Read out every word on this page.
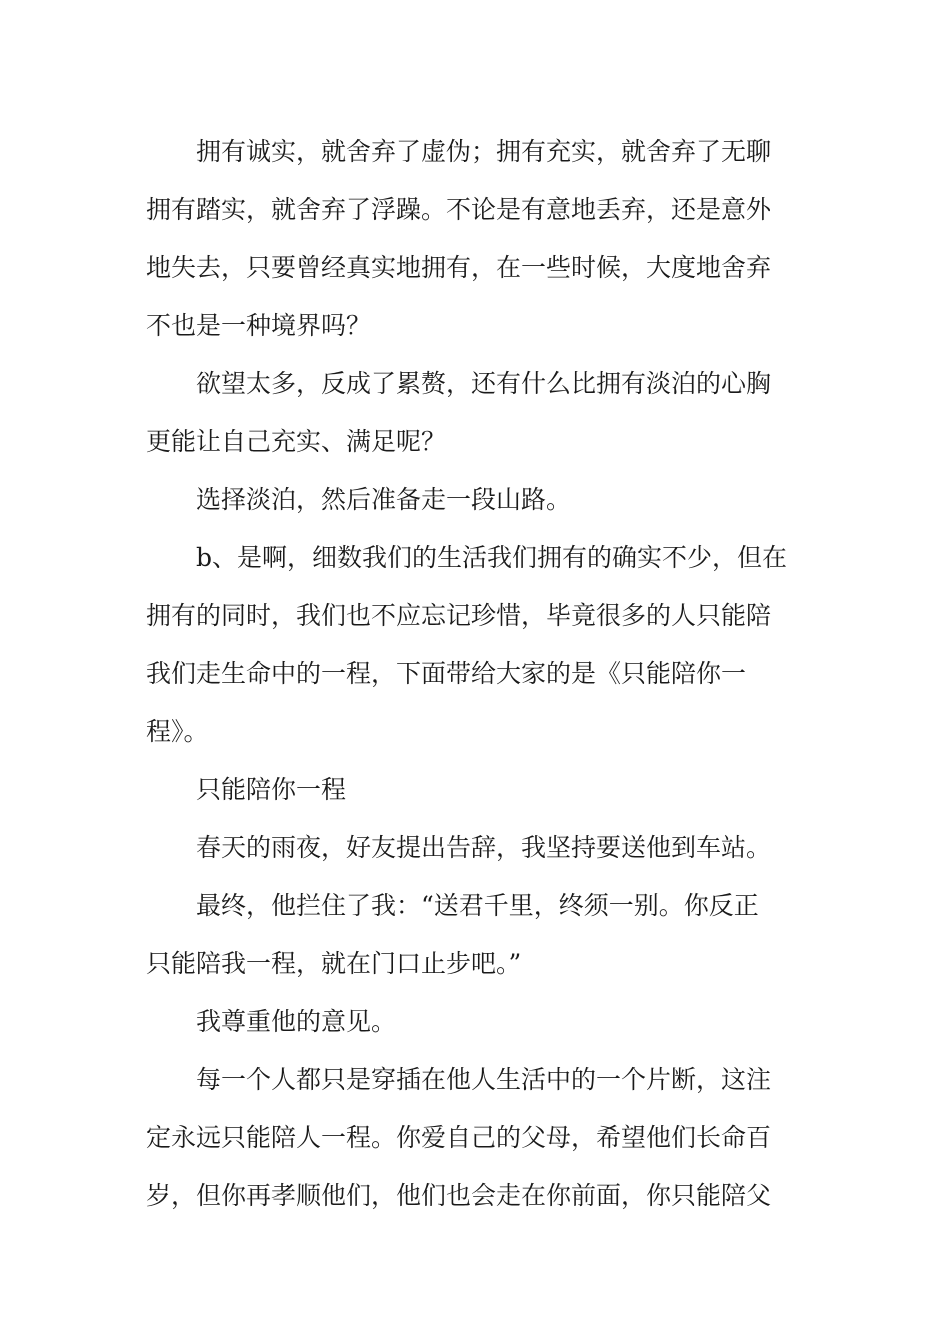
拥有诚实，就舍弃了虚伪；拥有充实，就舍弃了无聊
拥有踏实，就舍弃了浮躁。不论是有意地丢弃，还是意外
地失去，只要曾经真实地拥有，在一些时候，大度地舍弃
不也是一种境界吗？
欲望太多，反成了累赘，还有什么比拥有淡泊的心胸
更能让自己充实、满足呢？
选择淡泊，然后准备走一段山路。
b、是啊，细数我们的生活我们拥有的确实不少，但在
拥有的同时，我们也不应忘记珍惜，毕竟很多的人只能陪
我们走生命中的一程，下面带给大家的是《只能陪你一
程》。
只能陪你一程
春天的雨夜，好友提出告辞，我坚持要送他到车站。
最终，他拦住了我：“送君千里，终须一别。你反正
只能陪我一程，就在门口止步吧。”
我尊重他的意见。
每一个人都只是穿插在他人生活中的一个片断，这注
定永远只能陪人一程。你爱自己的父母，希望他们长命百
岁，但你再孝顺他们，他们也会走在你前面，你只能陪父
